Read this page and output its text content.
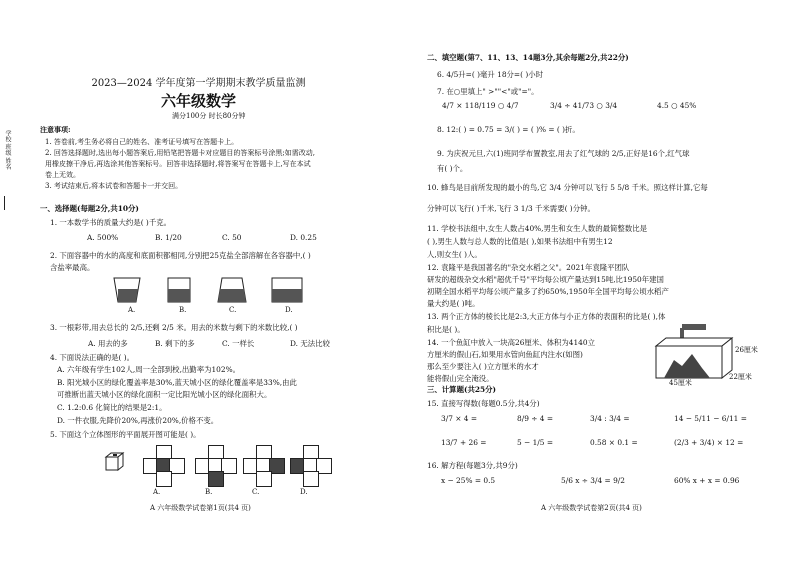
学校 班级 姓名
2023—2024 学年度第一学期期末教学质量监测
六年级数学
满分100分 时长80分钟
注意事项:
1. 答卷前,考生务必将自己的姓名、准考证号填写在答题卡上。
2. 回答选择题时,选出每小题答案后,用铅笔把答题卡对应题目的答案标号涂黑;如需改动,
用橡皮擦干净后,再选涂其他答案标号。回答非选择题时,将答案写在答题卡上,写在本试
卷上无效。
3. 考试结束后,将本试卷和答题卡一并交回。
一、选择题(每题2分,共10分)
1. 一本数学书的质量大约是( )千克。
A. 500%	B. 1/20	C. 50	D. 0.25
2. 下面容器中的水的高度和底面积都相同,分别把25克盐全部溶解在各容器中,( )
含盐率最高。
A.	B.	C.	D.
3. 一根彩带,用去总长的 2/5,还剩 2/5 米。用去的米数与剩下的米数比较,( )
A. 用去的多	B. 剩下的多	C. 一样长	D. 无法比较
4. 下面说法正确的是( )。
A. 六年级有学生102人,周一全部到校,出勤率为102%。
B. 阳光城小区的绿化覆盖率是30%,蓝天城小区的绿化覆盖率是33%,由此
可推断出蓝天城小区的绿化面积一定比阳光城小区的绿化面积大。
C. 1.2:0.6 化简比的结果是2:1。
D. 一件衣服,先降价20%,再涨价20%,价格不变。
5. 下面这个立体图形的平面展开图可能是( )。
A.	B.	C.	D.
A 六年级数学试卷第1页(共4 页)
二、填空题(第7、11、13、14题3分,其余每题2分,共22分)
6. 4/5升=( )毫升 18分=( )小时
7. 在○里填上" >""<"或"="。
4/7 × 118/119 ○ 4/7	3/4 ÷ 41/73 ○ 3/4	4.5 ○ 45%
8. 12:( ) = 0.75 = 3/( ) = ( )% = ( )折。
9. 为庆祝元旦,六(1)班同学布置教室,用去了红气球的 2/5,正好是16个,红气球
有( )个。
10. 蜂鸟是目前所发现的最小的鸟,它 3/4 分钟可以飞行 5 5/8 千米。照这样计算,它每
分钟可以飞行( )千米,飞行 3 1/3 千米需要( )分钟。
11. 学校书法组中,女生人数占40%,男生和女生人数的最简整数比是
( ),男生人数与总人数的比值是( ),如果书法组中有男生12
人,则女生( )人。
12. 袁隆平是我国著名的"杂交水稻之父"。2021年袁隆平团队
研发的超级杂交水稻"超优千号"平均每公顷产量达到15吨,比1950年建国
初期全国水稻平均每公顷产量多了约650%,1950年全国平均每公顷水稻产
量大约是( )吨。
13. 两个正方体的棱长比是2:3,大正方体与小正方体的表面积的比是( ),体
积比是( )。
14. 一个鱼缸中放入一块高26厘米、体积为4140立
方厘米的假山石,如果用水管向鱼缸内注水(如图)
那么至少要注入( )立方厘米的水才
能将假山完全淹没。
26厘米
45厘米
22厘米
三、计算题(共25分)
15. 直接写得数(每题0.5分,共4分)
3/7 × 4 =	8/9 ÷ 4 =	3/4 : 3/4 =	14 − 5/11 − 6/11 =
13/7 + 26 =	5 − 1/5 =	0.58 × 0.1 =	(2/3 + 3/4) × 12 =
16. 解方程(每题3分,共9分)
x − 25% = 0.5	5/6 x ÷ 3/4 = 9/2	60% x + x = 0.96
A 六年级数学试卷第2页(共4 页)
